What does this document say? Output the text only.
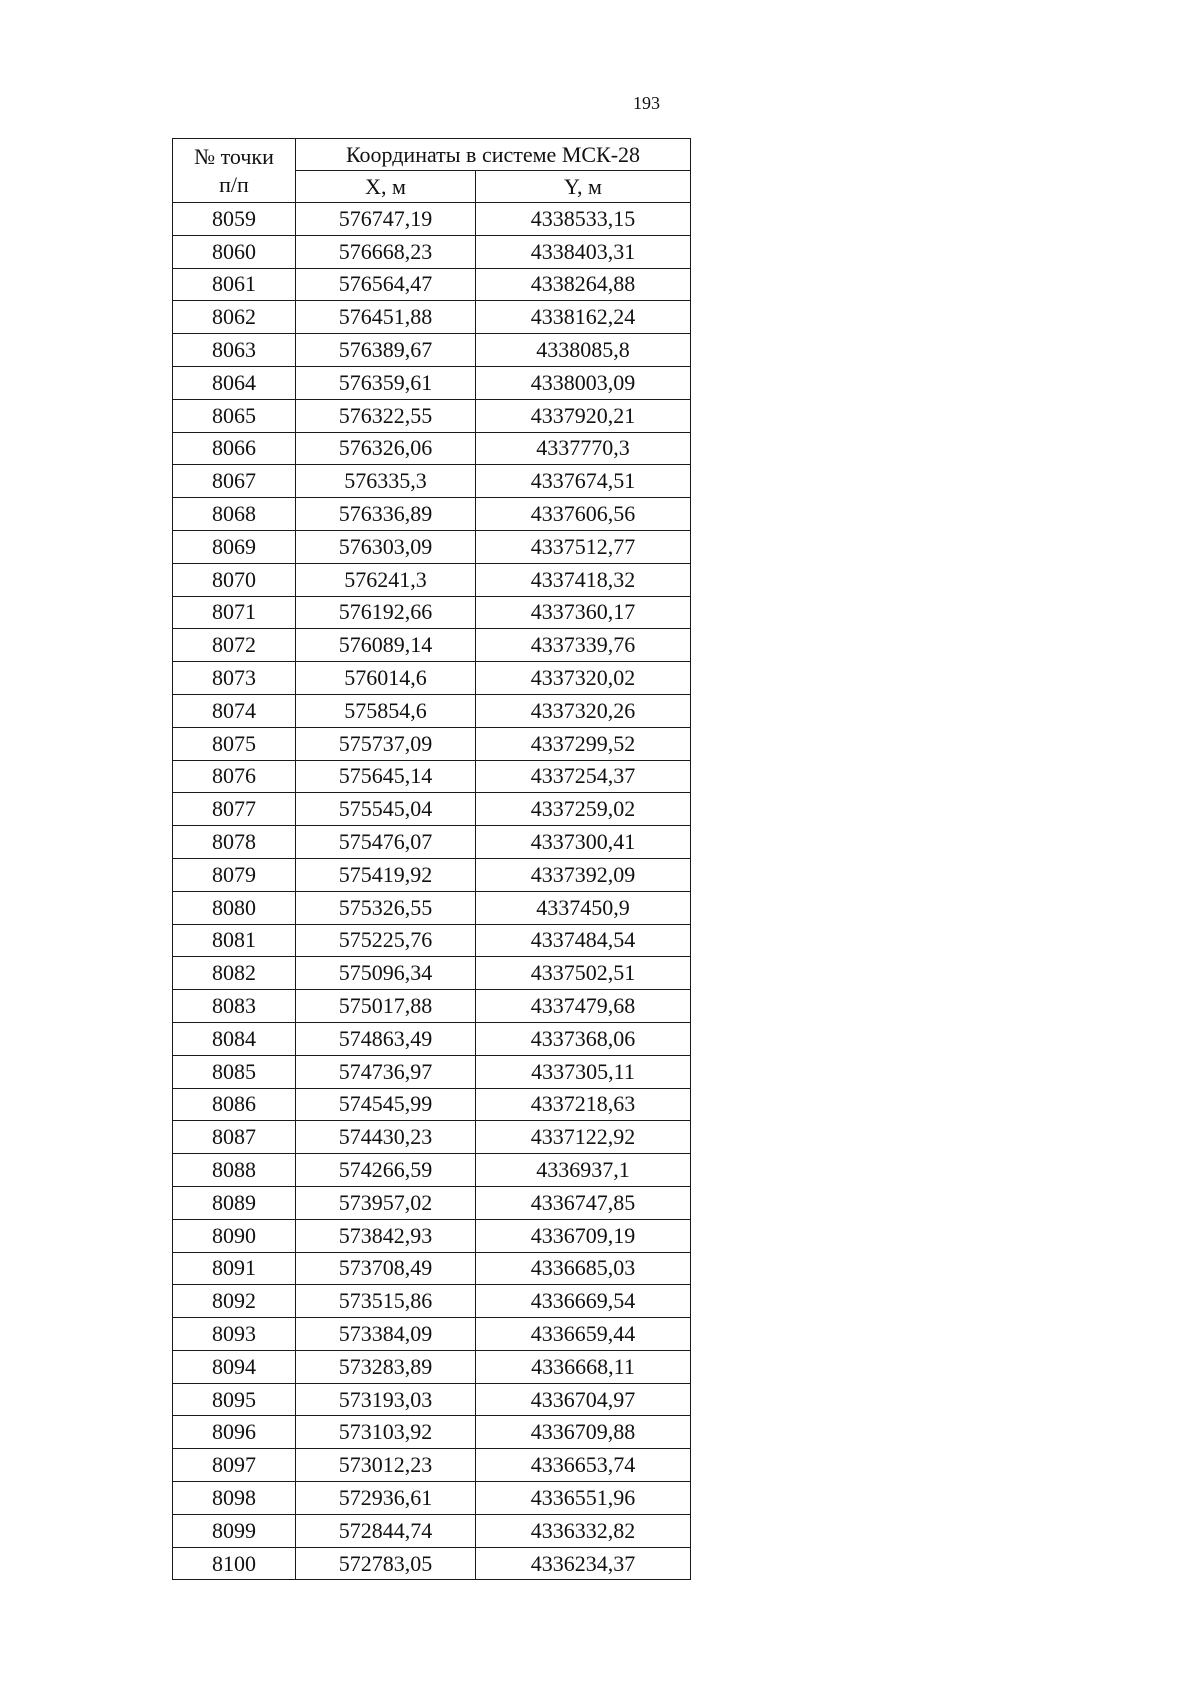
193
№ точки
п/п	Координаты в системе МСК-28	
	X, м	Y, м
8059	576747,19	4338533,15
8060	576668,23	4338403,31
8061	576564,47	4338264,88
8062	576451,88	4338162,24
8063	576389,67	4338085,8
8064	576359,61	4338003,09
8065	576322,55	4337920,21
8066	576326,06	4337770,3
8067	576335,3	4337674,51
8068	576336,89	4337606,56
8069	576303,09	4337512,77
8070	576241,3	4337418,32
8071	576192,66	4337360,17
8072	576089,14	4337339,76
8073	576014,6	4337320,02
8074	575854,6	4337320,26
8075	575737,09	4337299,52
8076	575645,14	4337254,37
8077	575545,04	4337259,02
8078	575476,07	4337300,41
8079	575419,92	4337392,09
8080	575326,55	4337450,9
8081	575225,76	4337484,54
8082	575096,34	4337502,51
8083	575017,88	4337479,68
8084	574863,49	4337368,06
8085	574736,97	4337305,11
8086	574545,99	4337218,63
8087	574430,23	4337122,92
8088	574266,59	4336937,1
8089	573957,02	4336747,85
8090	573842,93	4336709,19
8091	573708,49	4336685,03
8092	573515,86	4336669,54
8093	573384,09	4336659,44
8094	573283,89	4336668,11
8095	573193,03	4336704,97
8096	573103,92	4336709,88
8097	573012,23	4336653,74
8098	572936,61	4336551,96
8099	572844,74	4336332,82
8100	572783,05	4336234,37
